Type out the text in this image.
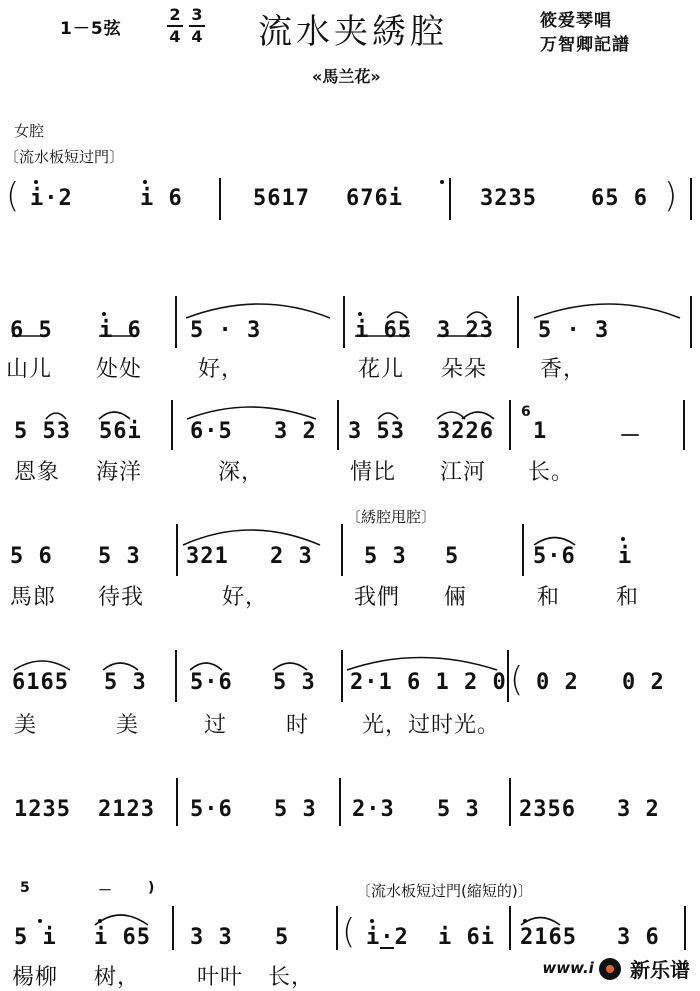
1－5弦
2
4
3
4 流水夹綉腔	筱爱琴唱
万智卿記譜
«馬兰花»
女腔
〔流水板短过門〕
( i·2	i 6	5617 676i	3235 65 6 )
6 5 i 6 5 · 3	i 65 3 23 5 · 3
山儿 处处	好，	花儿 朵朵 香，
5 53 56i 6·5 3 2 3 53 3226
6
1	－
恩象 海洋	深，	情比 江河 长。
〔綉腔甩腔〕
5 6 5 3 321 2 3 5 3 5	5·6 i
馬郎 待我	好，	我們 倆	和	和
6165 5 3 5·6 5 3 2·1 6 1 2 0 ( 0 2 0 2
美	美	过	时 光，过时光。
1235 2123 5·6 5 3 2·3 5 3 2356 3 2
〔流水板短过門(縮短的)〕
5	－	)
5 i i 65 3 3 5 ( i·2 i 6i 2165 3 6
楊柳 树，	叶叶 长，	www.i 新乐谱
